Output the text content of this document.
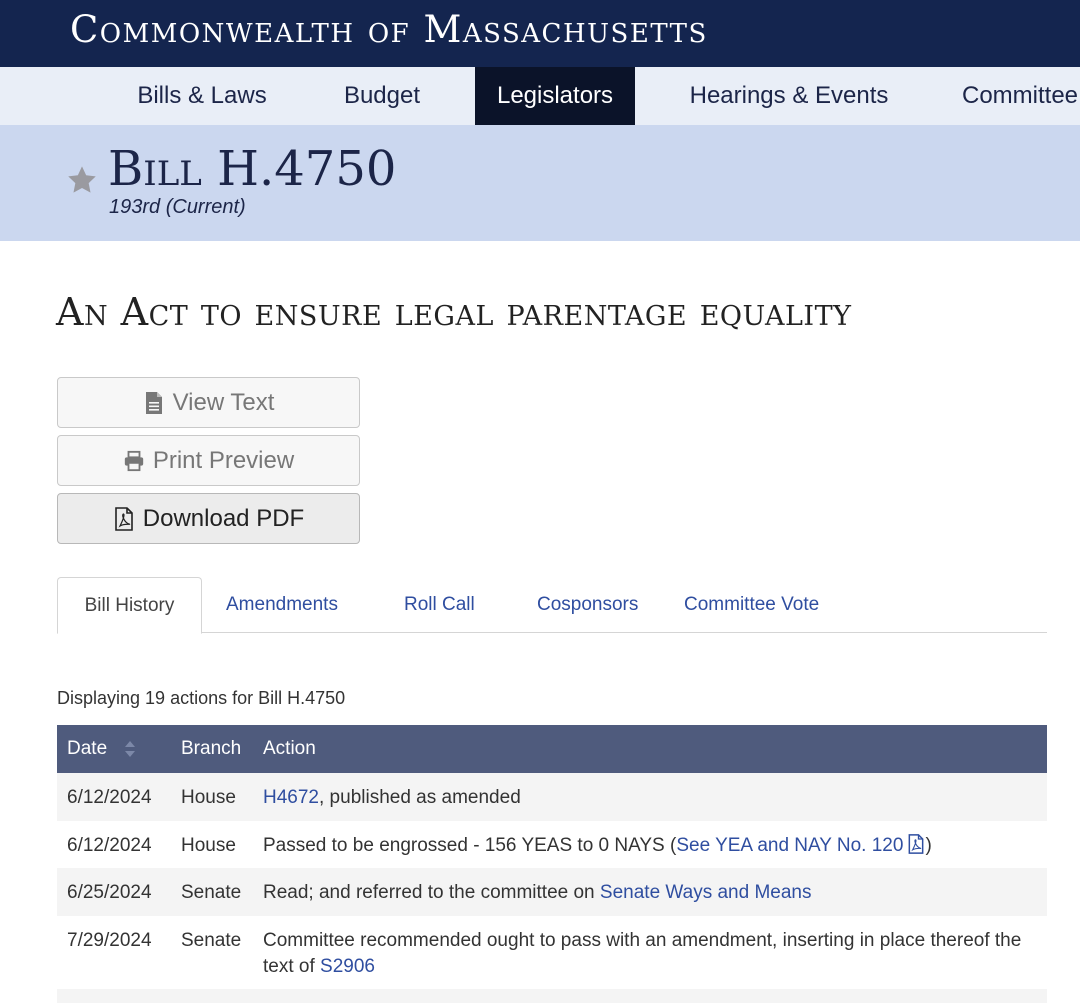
Commonwealth of Massachusetts
Bills & Laws	Budget	Legislators	Hearings & Events	Committee
Bill H.4750
193rd (Current)
An Act to ensure legal parentage equality
View Text
Print Preview
Download PDF
Bill History	Amendments	Roll Call	Cosponsors Committee Vote
Displaying 19 actions for Bill H.4750
Date	Branch Action
6/12/2024 House H4672, published as amended
6/12/2024 House Passed to be engrossed - 156 YEAS to 0 NAYS (See YEA and NAY No. 120 )
6/25/2024 Senate Read; and referred to the committee on Senate Ways and Means
7/29/2024 Senate Committee recommended ought to pass with an amendment, inserting in place thereof the text of S2906
